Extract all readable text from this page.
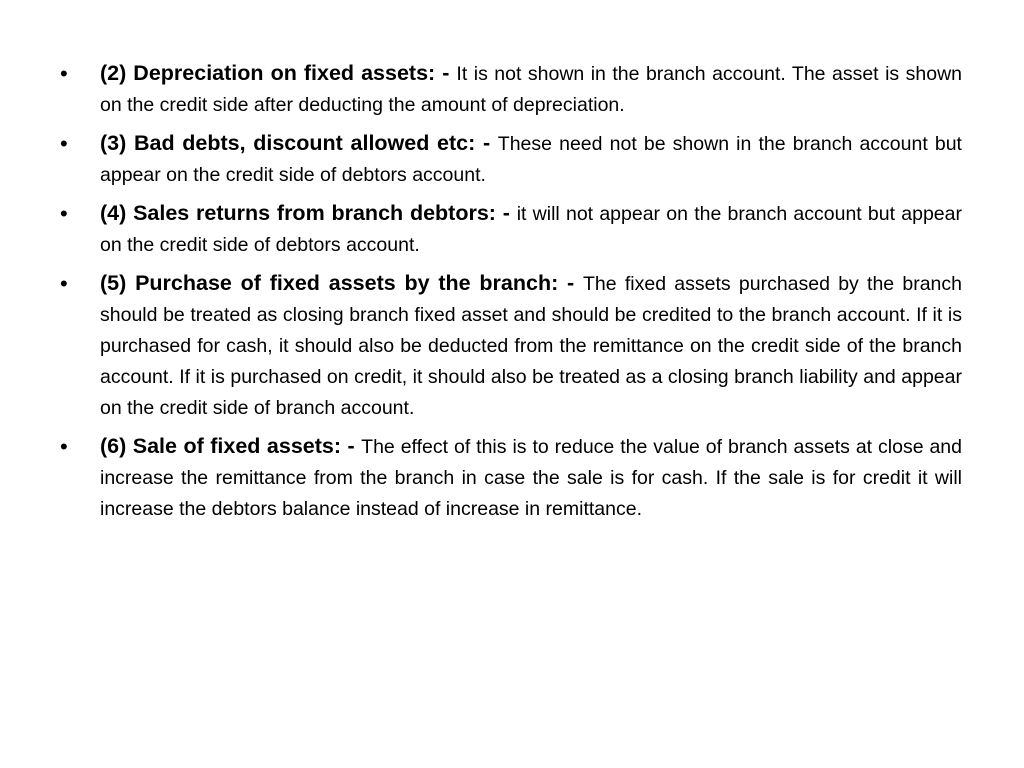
• (2) Depreciation on fixed assets: - It is not shown in the branch account. The asset is shown on the credit side after deducting the amount of depreciation.
• (3) Bad debts, discount allowed etc: - These need not be shown in the branch account but appear on the credit side of debtors account.
• (4) Sales returns from branch debtors: - it will not appear on the branch account but appear on the credit side of debtors account.
• (5) Purchase of fixed assets by the branch: - The fixed assets purchased by the branch should be treated as closing branch fixed asset and should be credited to the branch account. If it is purchased for cash, it should also be deducted from the remittance on the credit side of the branch account. If it is purchased on credit, it should also be treated as a closing branch liability and appear on the credit side of branch account.
• (6) Sale of fixed assets: - The effect of this is to reduce the value of branch assets at close and increase the remittance from the branch in case the sale is for cash. If the sale is for credit it will increase the debtors balance instead of increase in remittance.
